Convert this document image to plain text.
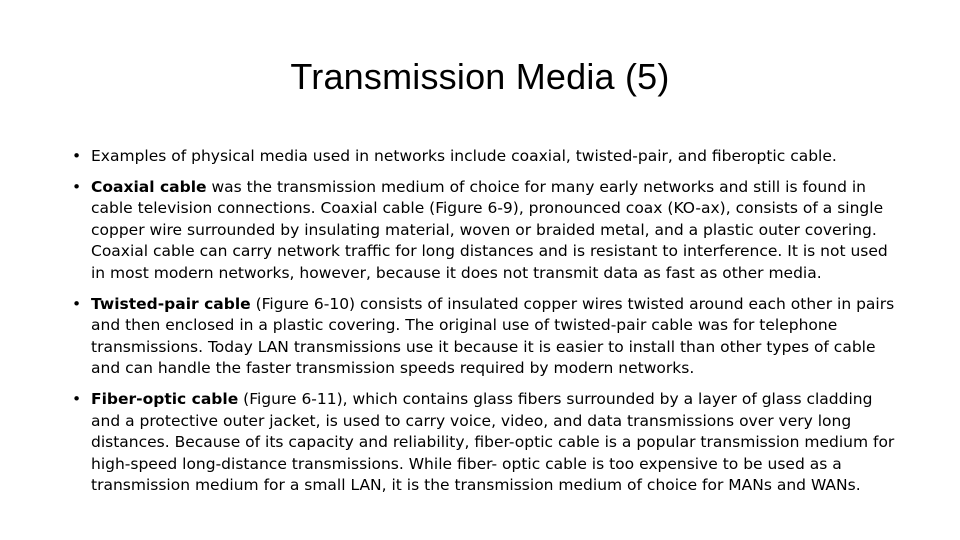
Transmission Media (5)
• Examples of physical media used in networks include coaxial, twisted-pair, and fiberoptic cable.
• Coaxial cable was the transmission medium of choice for many early networks and still is found in cable television connections. Coaxial cable (Figure 6-9), pronounced coax (KO-ax), consists of a single copper wire surrounded by insulating material, woven or braided metal, and a plastic outer covering. Coaxial cable can carry network traffic for long distances and is resistant to interference. It is not used in most modern networks, however, because it does not transmit data as fast as other media.
• Twisted-pair cable (Figure 6-10) consists of insulated copper wires twisted around each other in pairs and then enclosed in a plastic covering. The original use of twisted-pair cable was for telephone transmissions. Today LAN transmissions use it because it is easier to install than other types of cable and can handle the faster transmission speeds required by modern networks.
• Fiber-optic cable (Figure 6-11), which contains glass fibers surrounded by a layer of glass cladding and a protective outer jacket, is used to carry voice, video, and data transmissions over very long distances. Because of its capacity and reliability, fiber-optic cable is a popular transmission medium for high-speed long-distance transmissions. While fiber- optic cable is too expensive to be used as a transmission medium for a small LAN, it is the transmission medium of choice for MANs and WANs.
